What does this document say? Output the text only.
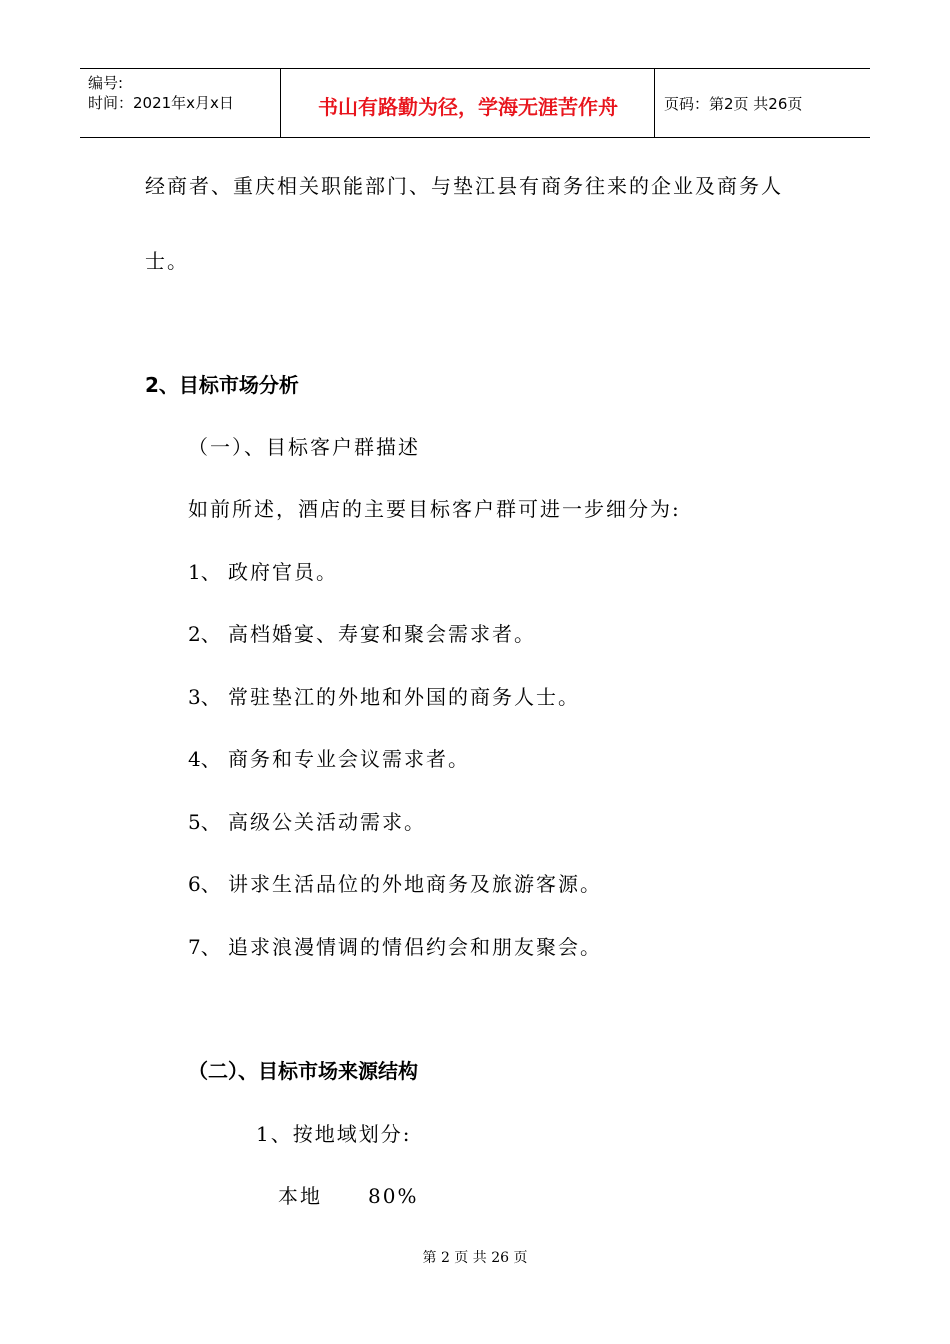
编号:
时间：2021年x月x日	书山有路勤为径，学海无涯苦作舟	页码：第2页 共26页
经商者、重庆相关职能部门、与垫江县有商务往来的企业及商务人
士。
2、目标市场分析
（一）、目标客户群描述
如前所述，酒店的主要目标客户群可进一步细分为:
1、 政府官员。
2、 高档婚宴、寿宴和聚会需求者。
3、 常驻垫江的外地和外国的商务人士。
4、 商务和专业会议需求者。
5、 高级公关活动需求。
6、 讲求生活品位的外地商务及旅游客源。
7、 追求浪漫情调的情侣约会和朋友聚会。
（二）、目标市场来源结构
1、按地域划分:
本地 80%
第 2 页 共 26 页
